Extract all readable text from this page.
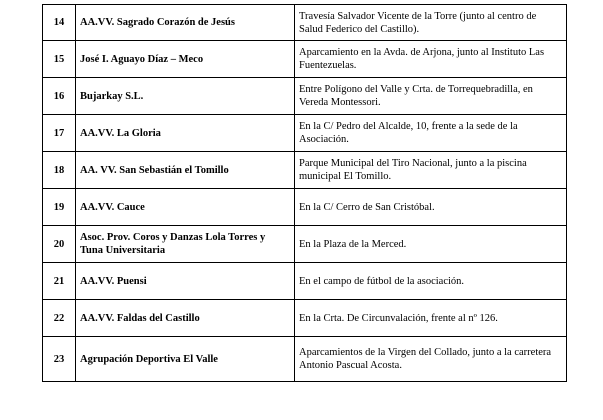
14	AA.VV. Sagrado Corazón de Jesús	Travesía Salvador Vicente de la Torre (junto al centro de Salud Federico del Castillo).
15	José I. Aguayo Díaz – Meco	Aparcamiento en la Avda. de Arjona, junto al Instituto Las Fuentezuelas.
16	Bujarkay S.L.	Entre Polígono del Valle y Crta. de Torrequebradilla, en Vereda Montessori.
17	AA.VV. La Gloria	En la C/ Pedro del Alcalde, 10, frente a la sede de la Asociación.
18	AA. VV. San Sebastián el Tomillo	Parque Municipal del Tiro Nacional, junto a la piscina municipal El Tomillo.
19	AA.VV. Cauce	En la C/ Cerro de San Cristóbal.
20	Asoc. Prov. Coros y Danzas Lola Torres y Tuna Universitaria	En la Plaza de la Merced.
21	AA.VV. Puensi	En el campo de fútbol de la asociación.
22	AA.VV. Faldas del Castillo	En la Crta. De Circunvalación, frente al nº 126.
23	Agrupación Deportiva El Valle	Aparcamientos de la Virgen del Collado, junto a la carretera Antonio Pascual Acosta.
